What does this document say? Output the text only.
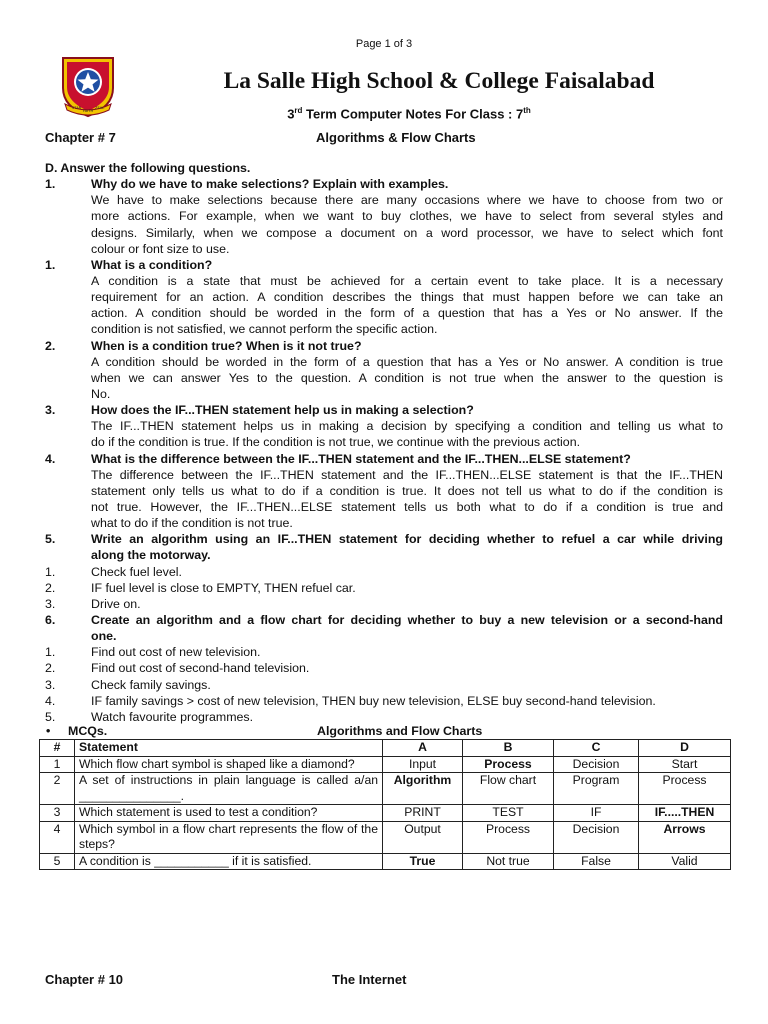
Page 1 of 3
STAR
FAITH
ZEAL
La Salle High School & College Faisalabad
3rd Term Computer Notes For Class : 7th
Chapter # 7	Algorithms & Flow Charts
D. Answer the following questions.
1.	Why do we have to make selections? Explain with examples.
We have to make selections because there are many occasions where we have to choose from two or
more actions. For example, when we want to buy clothes, we have to select from several styles and
designs. Similarly, when we compose a document on a word processor, we have to select which font
colour or font size to use.
1.	What is a condition?
A condition is a state that must be achieved for a certain event to take place. It is a necessary
requirement for an action. A condition describes the things that must happen before we can take an
action. A condition should be worded in the form of a question that has a Yes or No answer. If the
condition is not satisfied, we cannot perform the specific action.
2.	When is a condition true? When is it not true?
A condition should be worded in the form of a question that has a Yes or No answer. A condition is true
when we can answer Yes to the question. A condition is not true when the answer to the question is
No.
3.	How does the IF...THEN statement help us in making a selection?
The IF...THEN statement helps us in making a decision by specifying a condition and telling us what to
do if the condition is true. If the condition is not true, we continue with the previous action.
4.	What is the difference between the IF...THEN statement and the IF...THEN...ELSE statement?
The difference between the IF...THEN statement and the IF...THEN...ELSE statement is that the IF...THEN
statement only tells us what to do if a condition is true. It does not tell us what to do if the condition is
not true. However, the IF...THEN...ELSE statement tells us both what to do if a condition is true and
what to do if the condition is not true.
5.	Write an algorithm using an IF...THEN statement for deciding whether to refuel a car while driving
along the motorway.
1.	Check fuel level.
2.	IF fuel level is close to EMPTY, THEN refuel car.
3.	Drive on.
6.	Create an algorithm and a flow chart for deciding whether to buy a new television or a second-hand
one.
1.	Find out cost of new television.
2.	Find out cost of second-hand television.
3.	Check family savings.
4.	IF family savings > cost of new television, THEN buy new television, ELSE buy second-hand television.
5.	Watch favourite programmes.
• MCQs.	Algorithms and Flow Charts
#	Statement	A	B	C	D
1	Which flow chart symbol is shaped like a diamond?	Input	Process	Decision	Start
2	A set of instructions in plain language is called a/an _______________.	Algorithm	Flow chart	Program	Process
3	Which statement is used to test a condition?	PRINT	TEST	IF	IF.....THEN
4	Which symbol in a flow chart represents the flow of the steps?	Output	Process	Decision	Arrows
5	A condition is ___________ if it is satisfied.	True	Not true	False	Valid
Chapter # 10	The Internet
